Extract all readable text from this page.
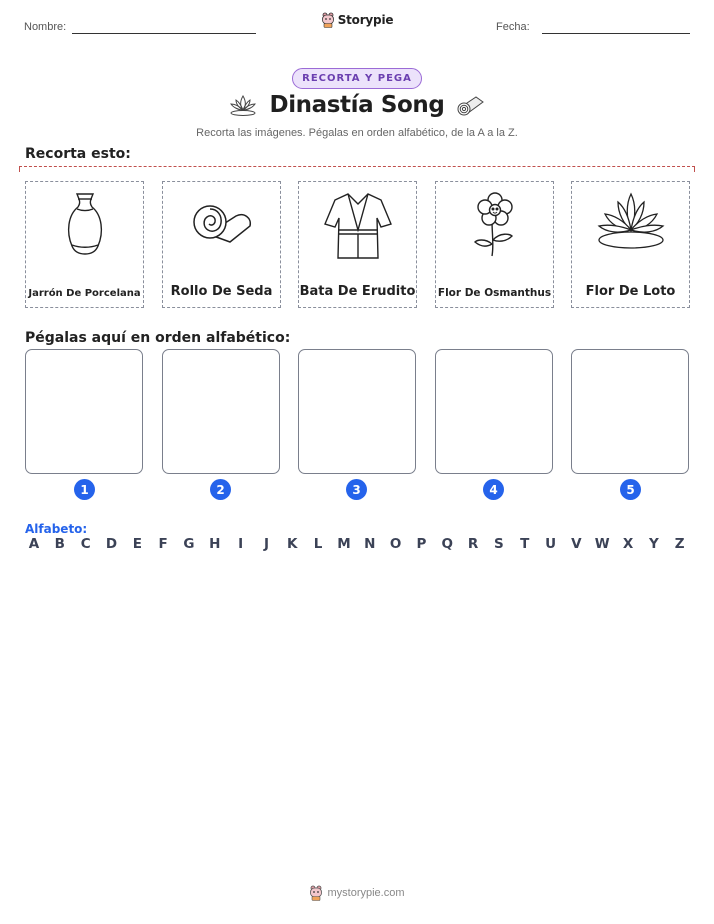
Nombre:	Storypie	Fecha:
RECORTA Y PEGA
Dinastía Song
Recorta las imágenes. Pégalas en orden alfabético, de la A a la Z.
Recorta esto:
Jarrón De Porcelana	Rollo De Seda	Bata De Erudito Flor De Osmanthus	Flor De Loto
Pégalas aquí en orden alfabético:
1	2	3	4	5
Alfabeto:
A B C D	E	F	G H	I	J	K	L	M N O P Q R	S	T	U V W X	Y	Z
mystorypie.com
